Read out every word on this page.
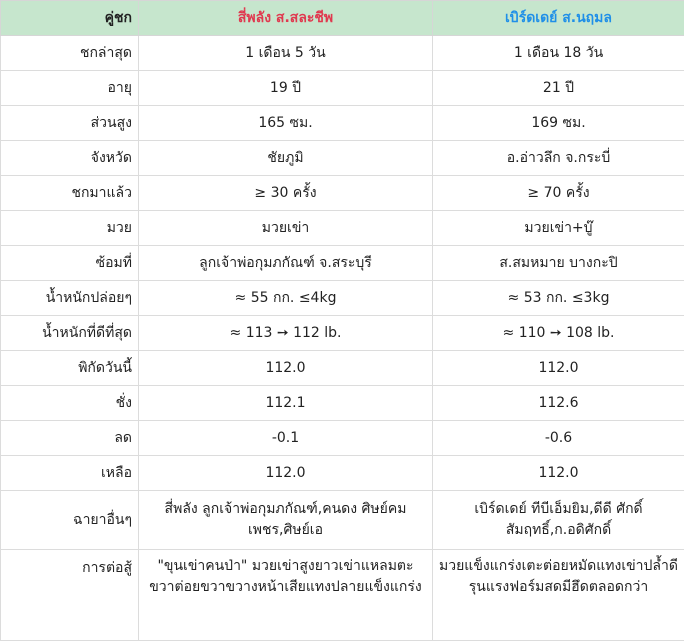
คู่ชก	สี่พลัง ส.สละชีพ	เบิร์ดเดย์ ส.นฤมล
ชกล่าสุด	1 เดือน 5 วัน	1 เดือน 18 วัน
อายุ	19 ปี	21 ปี
ส่วนสูง	165 ซม.	169 ซม.
จังหวัด	ชัยภูมิ	อ.อ่าวลึก จ.กระบี่
ชกมาแล้ว	≥ 30 ครั้ง	≥ 70 ครั้ง
มวย	มวยเข่า	มวยเข่า+บู๊
ซ้อมที่	ลูกเจ้าพ่อกุมภกัณฑ์ จ.สระบุรี	ส.สมหมาย บางกะปิ
น้ำหนักปล่อยๆ	≈ 55 กก. ≤4kg	≈ 53 กก. ≤3kg
น้ำหนักที่ดีที่สุด	≈ 113 ➙ 112 lb.	≈ 110 ➙ 108 lb.
พิกัดวันนี้	112.0	112.0
ชั่ง	112.1	112.6
ลด	-0.1	-0.6
เหลือ	112.0	112.0
ฉายาอื่นๆ	สี่พลัง ลูกเจ้าพ่อกุมภกัณฑ์,คนดง ศิษย์คมเพชร,ศิษย์เอ	เบิร์ดเดย์ ทีบีเอ็มยิม,ดีดี ศักดิ์สัมฤทธิ์,ก.อดิศักดิ์
การต่อสู้	"ขุนเข่าคนป่า" มวยเข่าสูงยาวเข่าแหลมตะขวาต่อยขวาขวางหน้าเสียแทงปลายแข็งแกร่ง	มวยแข็งแกร่งเตะต่อยหมัดแทงเข่าปล้ำดี รุนแรงฟอร์มสดมีฮึดตลอดกว่า
